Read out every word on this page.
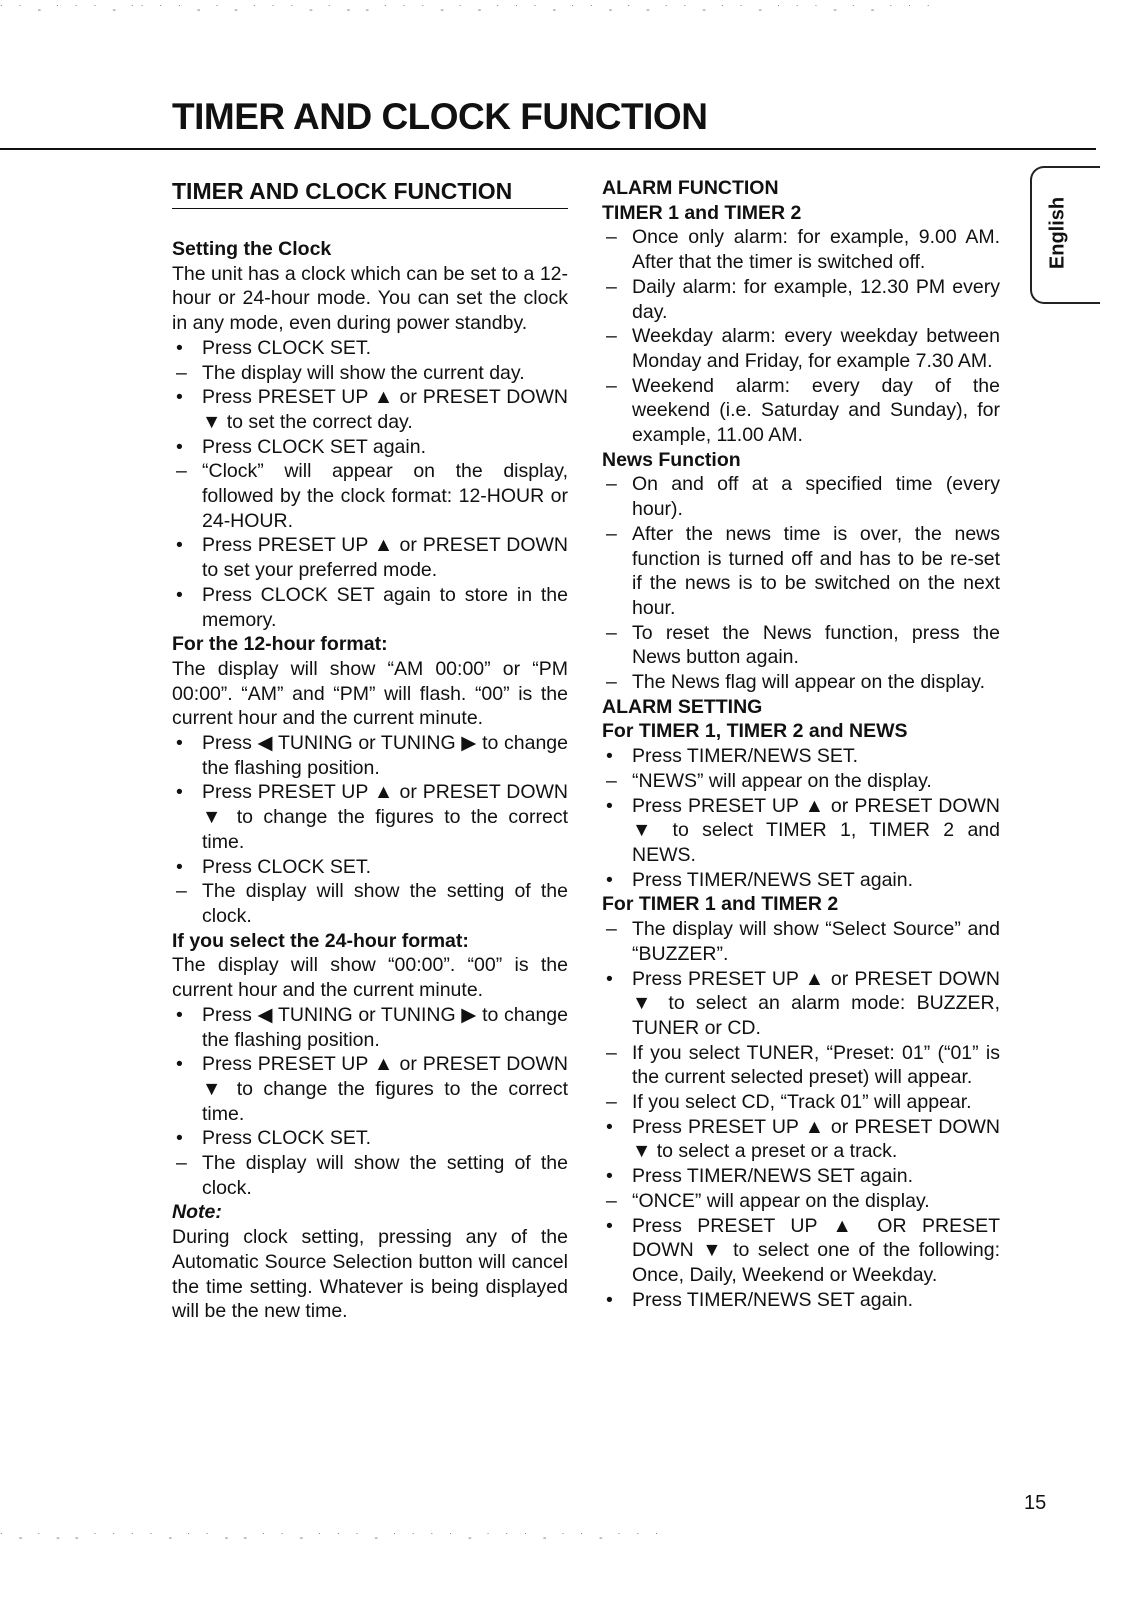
˙ ˙ ‐ ˙ ˙ ˙ ‐ ˙˙ ˙ ˙ ‐ ˙ ‐ ˙ ˙ ˙ ‐ ˙ ‐ ‐ ˙ ˙ ˙ ‐ ˙ ‐ ˙ ˙ ˙ ‐ ˙ ˙ ‐ ˙ ‐ ˙ ˙ ‐ ˙ ˙ ‐ ˙ ˙ ˙ ‐ ˙ ‐ ˙ ˙ ˙
˙ ‐ ˙ ‐ ‐ ˙ ˙ ˙ ˙ ‐ ˙ ˙ ‐ ‐ ˙ ˙ ‐ ˙ ˙ ˙ ‐ ˙ ˙ ˙ ˙ ‐ ˙ ˙ ˙ ‐ ˙ ˙ ‐ ˙ ˙ ˙
TIMER AND CLOCK FUNCTION
English
TIMER AND CLOCK FUNCTION
Setting the Clock

The unit has a clock which can be set to a 12-hour or 24-hour mode. You can set the clock in any mode, even during power standby.

• Press CLOCK SET.
– The display will show the current day.
• Press PRESET UP ▲ or PRESET DOWN ▼ to set the correct day.
• Press CLOCK SET again.
– “Clock” will appear on the display, followed by the clock format: 12-HOUR or 24-HOUR.
• Press PRESET UP ▲ or PRESET DOWN to set your preferred mode.
• Press CLOCK SET again to store in the memory.
For the 12-hour format:

The display will show “AM 00:00” or “PM 00:00”. “AM” and “PM” will flash. “00” is the current hour and the current minute.

• Press ◀ TUNING or TUNING ▶ to change the flashing position.
• Press PRESET UP ▲ or PRESET DOWN ▼ to change the figures to the correct time.
• Press CLOCK SET.
– The display will show the setting of the clock.
If you select the 24-hour format:

The display will show “00:00”. “00” is the current hour and the current minute.

• Press ◀ TUNING or TUNING ▶ to change the flashing position.
• Press PRESET UP ▲ or PRESET DOWN ▼ to change the figures to the correct time.
• Press CLOCK SET.
– The display will show the setting of the clock.
Note:

During clock setting, pressing any of the Automatic Source Selection button will cancel the time setting. Whatever is being displayed will be the new time.

ALARM FUNCTION
TIMER 1 and TIMER 2
– Once only alarm: for example, 9.00 AM. After that the timer is switched off.
– Daily alarm: for example, 12.30 PM every day.
– Weekday alarm: every weekday between Monday and Friday, for example 7.30 AM.
– Weekend alarm: every day of the weekend (i.e. Saturday and Sunday), for example, 11.00 AM.
News Function
– On and off at a specified time (every hour).
– After the news time is over, the news function is turned off and has to be re-set if the news is to be switched on the next hour.
– To reset the News function, press the News button again.
– The News flag will appear on the display.
ALARM SETTING
For TIMER 1, TIMER 2 and NEWS
• Press TIMER/NEWS SET.
– “NEWS” will appear on the display.
• Press PRESET UP ▲ or PRESET DOWN ▼ to select TIMER 1, TIMER 2 and NEWS.
• Press TIMER/NEWS SET again.
For TIMER 1 and TIMER 2
– The display will show “Select Source” and “BUZZER”.
• Press PRESET UP ▲ or PRESET DOWN ▼ to select an alarm mode: BUZZER, TUNER or CD.
– If you select TUNER, “Preset: 01” (“01” is the current selected preset) will appear.
– If you select CD, “Track 01” will appear.
• Press PRESET UP ▲ or PRESET DOWN ▼ to select a preset or a track.
• Press TIMER/NEWS SET again.
– “ONCE” will appear on the display.
• Press PRESET UP ▲ OR PRESET DOWN ▼ to select one of the following: Once, Daily, Weekend or Weekday.
• Press TIMER/NEWS SET again.
15
